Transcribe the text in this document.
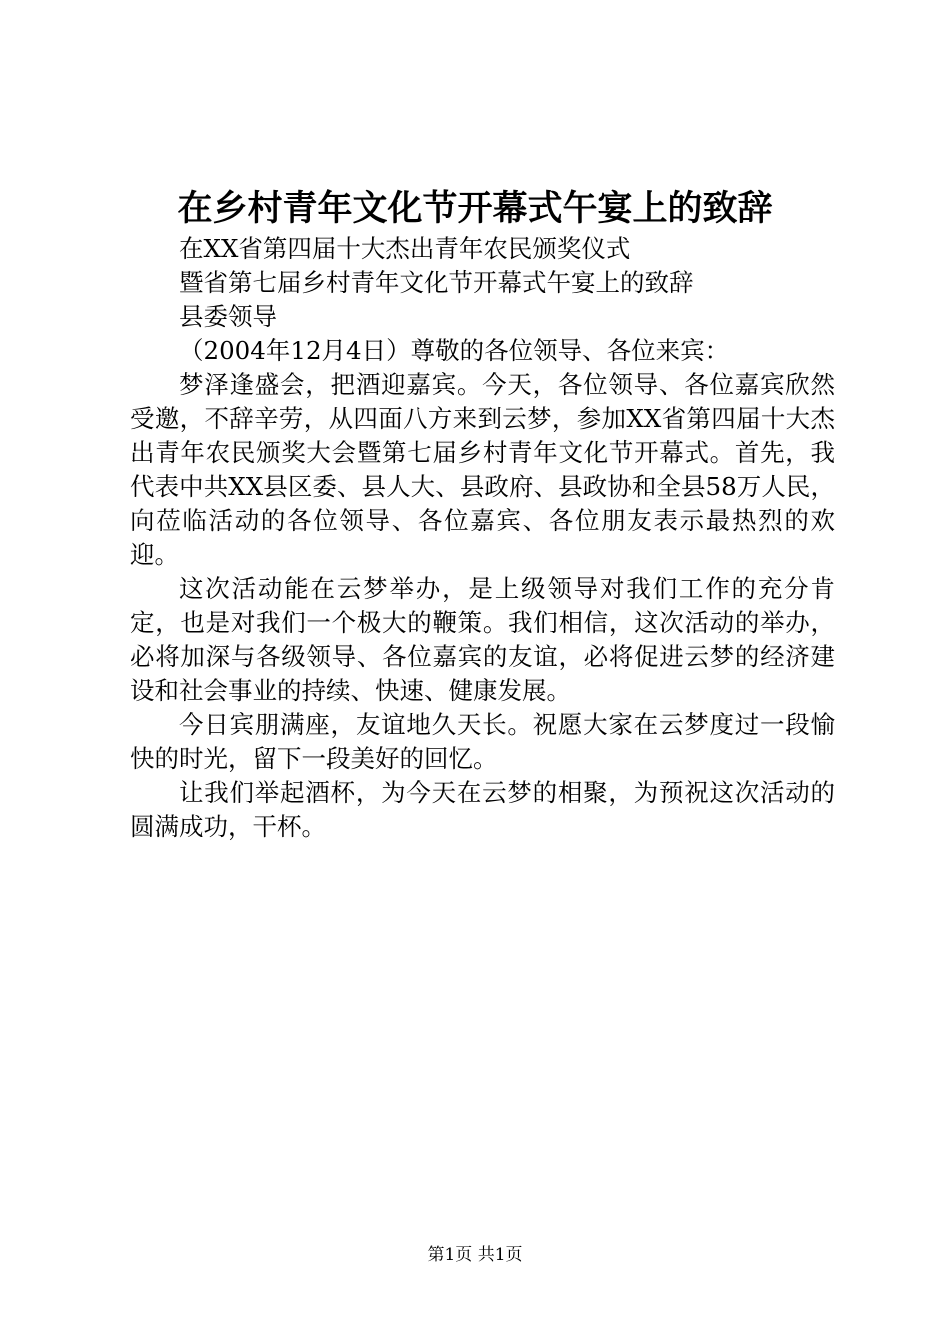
在乡村青年文化节开幕式午宴上的致辞

在XX省第四届十大杰出青年农民颁奖仪式

暨省第七届乡村青年文化节开幕式午宴上的致辞

县委领导

（2004年12月4日）尊敬的各位领导、各位来宾：

梦泽逢盛会，把酒迎嘉宾。今天，各位领导、各位嘉宾欣然受邀，不辞辛劳，从四面八方来到云梦，参加XX省第四届十大杰出青年农民颁奖大会暨第七届乡村青年文化节开幕式。首先，我代表中共XX县区委、县人大、县政府、县政协和全县58万人民，向莅临活动的各位领导、各位嘉宾、各位朋友表示最热烈的欢迎。

这次活动能在云梦举办，是上级领导对我们工作的充分肯定，也是对我们一个极大的鞭策。我们相信，这次活动的举办，必将加深与各级领导、各位嘉宾的友谊，必将促进云梦的经济建设和社会事业的持续、快速、健康发展。

今日宾朋满座，友谊地久天长。祝愿大家在云梦度过一段愉快的时光，留下一段美好的回忆。

让我们举起酒杯，为今天在云梦的相聚，为预祝这次活动的圆满成功，干杯。

第1页 共1页
